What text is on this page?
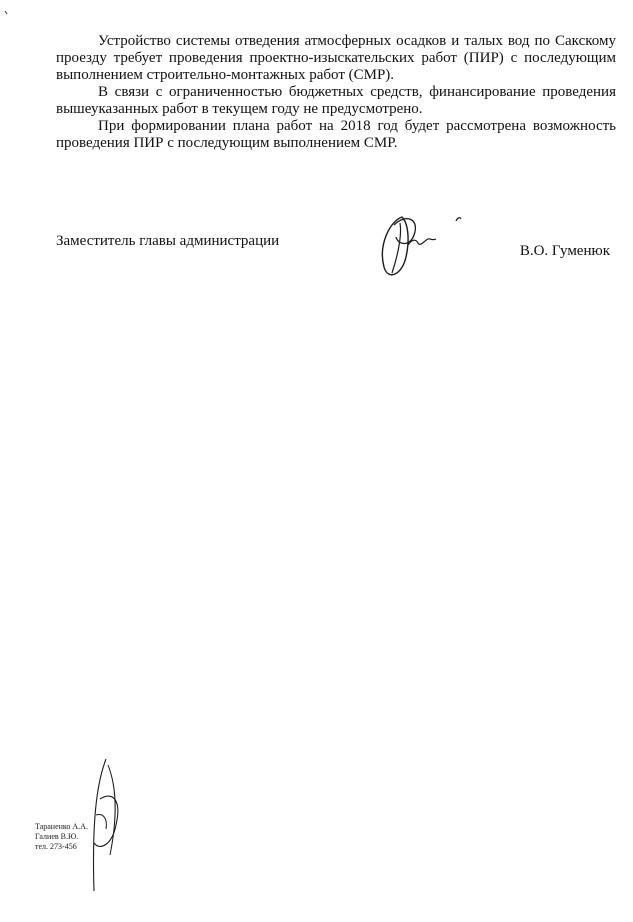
Устройство системы отведения атмосферных осадков и талых вод по Сакскому проезду требует проведения проектно-изыскательских работ (ПИР) с последующим выполнением строительно-монтажных работ (СМР).

В связи с ограниченностью бюджетных средств, финансирование проведения вышеуказанных работ в текущем году не предусмотрено.

При формировании плана работ на 2018 год будет рассмотрена возможность проведения ПИР с последующим выполнением СМР.

Заместитель главы администрации
В.О. Гуменюк
Тараненко А.А.
Галиев В.Ю.
тел. 273-456
